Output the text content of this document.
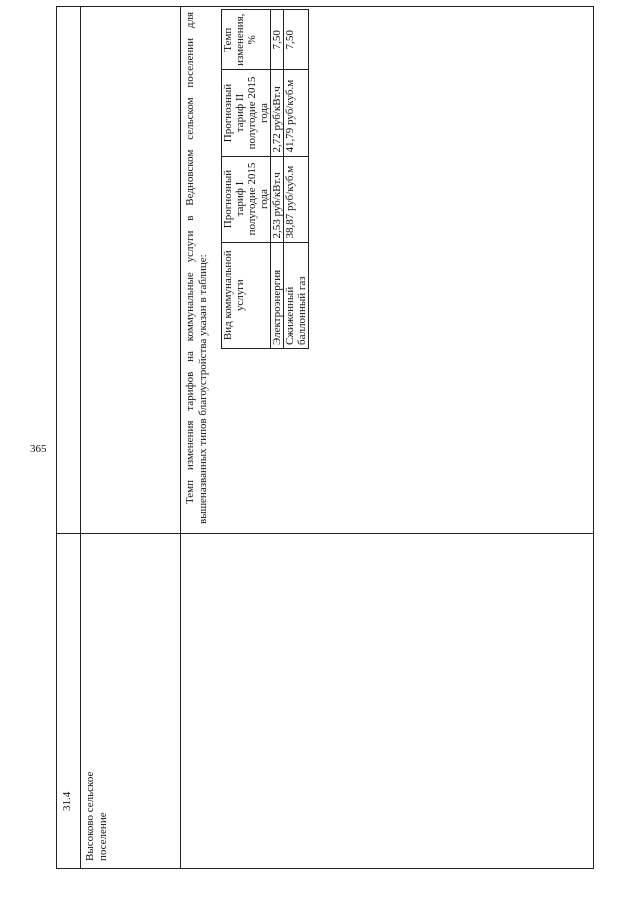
365
31.4 Высоково сельское поселение

Темп изменения тарифов на коммунальные услуги в Ведновском сельском поселении для вышеназванных типов благоустройства указан в таблице: Вид коммунальной услуги	Прогнозный тариф I полугодие 2015 года	Прогнозный тариф II полугодие 2015 года	Темп изменения, %
Электроэнергия	2,53 руб/кВт.ч	2,72 руб/кВт.ч	7,50
Сжиженный баллонный газ	38,87 руб/куб.м	41,79 руб/куб.м	7,50
